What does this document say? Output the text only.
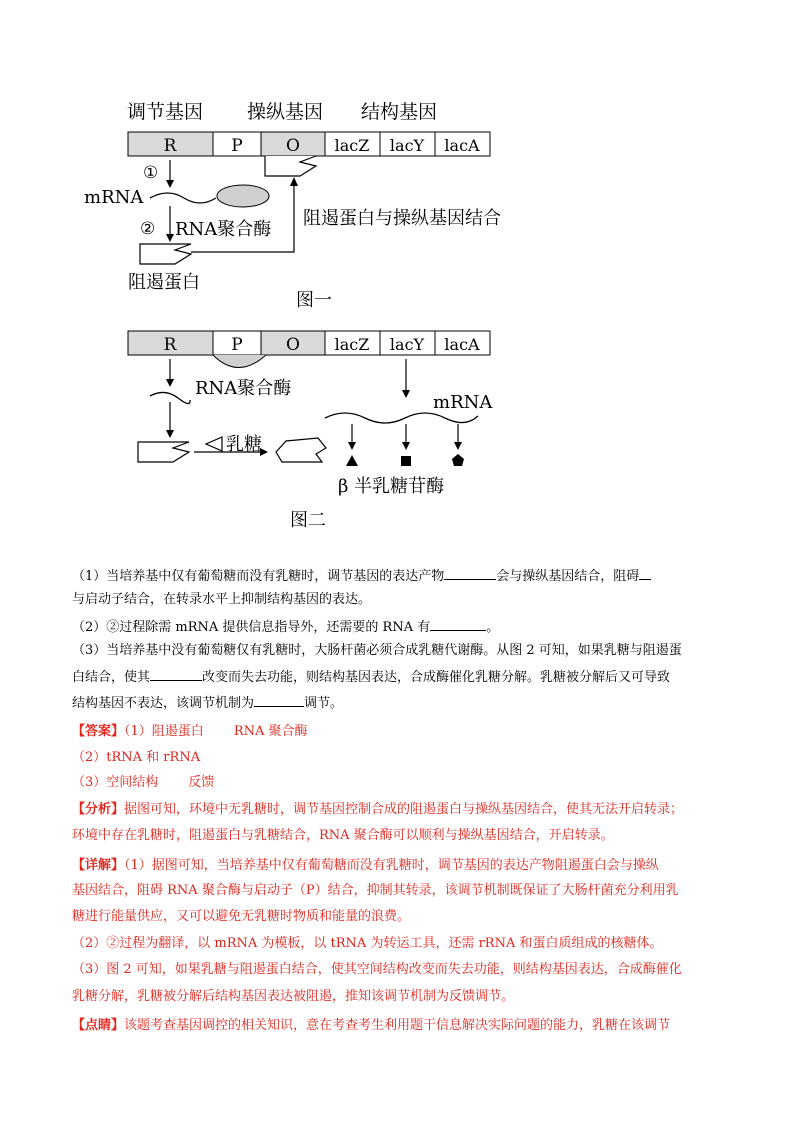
调节基因 操纵基因 结构基因
R	P	O lacZ lacY lacA
①
mRNA
② RNA聚合酶
阻遏蛋白
阻遏蛋白与操纵基因结合
图一
R	P	O lacZ lacY lacA
RNA聚合酶
乳糖
mRNA
β 半乳糖苷酶
图二
（1）当培养基中仅有葡萄糖而没有乳糖时，调节基因的表达产物	会与操纵基因结合，阻碍
与启动子结合，在转录水平上抑制结构基因的表达。
（2）②过程除需 mRNA 提供信息指导外，还需要的 RNA 有	。
（3）当培养基中没有葡萄糖仅有乳糖时，大肠杆菌必须合成乳糖代谢酶。从图 2 可知，如果乳糖与阻遏蛋
白结合，使其	改变而失去功能，则结构基因表达，合成酶催化乳糖分解。乳糖被分解后又可导致
结构基因不表达，该调节机制为	调节。
【答案】（1）阻遏蛋白 RNA 聚合酶
（2）tRNA 和 rRNA
（3）空间结构 反馈
【分析】据图可知，环境中无乳糖时，调节基因控制合成的阻遏蛋白与操纵基因结合，使其无法开启转录；
环境中存在乳糖时，阻遏蛋白与乳糖结合，RNA 聚合酶可以顺利与操纵基因结合，开启转录。
【详解】（1）据图可知，当培养基中仅有葡萄糖而没有乳糖时，调节基因的表达产物阻遏蛋白会与操纵
基因结合，阻碍 RNA 聚合酶与启动子（P）结合，抑制其转录，该调节机制既保证了大肠杆菌充分利用乳
糖进行能量供应，又可以避免无乳糖时物质和能量的浪费。
（2）②过程为翻译，以 mRNA 为模板，以 tRNA 为转运工具，还需 rRNA 和蛋白质组成的核糖体。
（3）图 2 可知，如果乳糖与阻遏蛋白结合，使其空间结构改变而失去功能，则结构基因表达，合成酶催化
乳糖分解，乳糖被分解后结构基因表达被阻遏，推知该调节机制为反馈调节。
【点睛】该题考查基因调控的相关知识，意在考查考生利用题干信息解决实际问题的能力，乳糖在该调节
